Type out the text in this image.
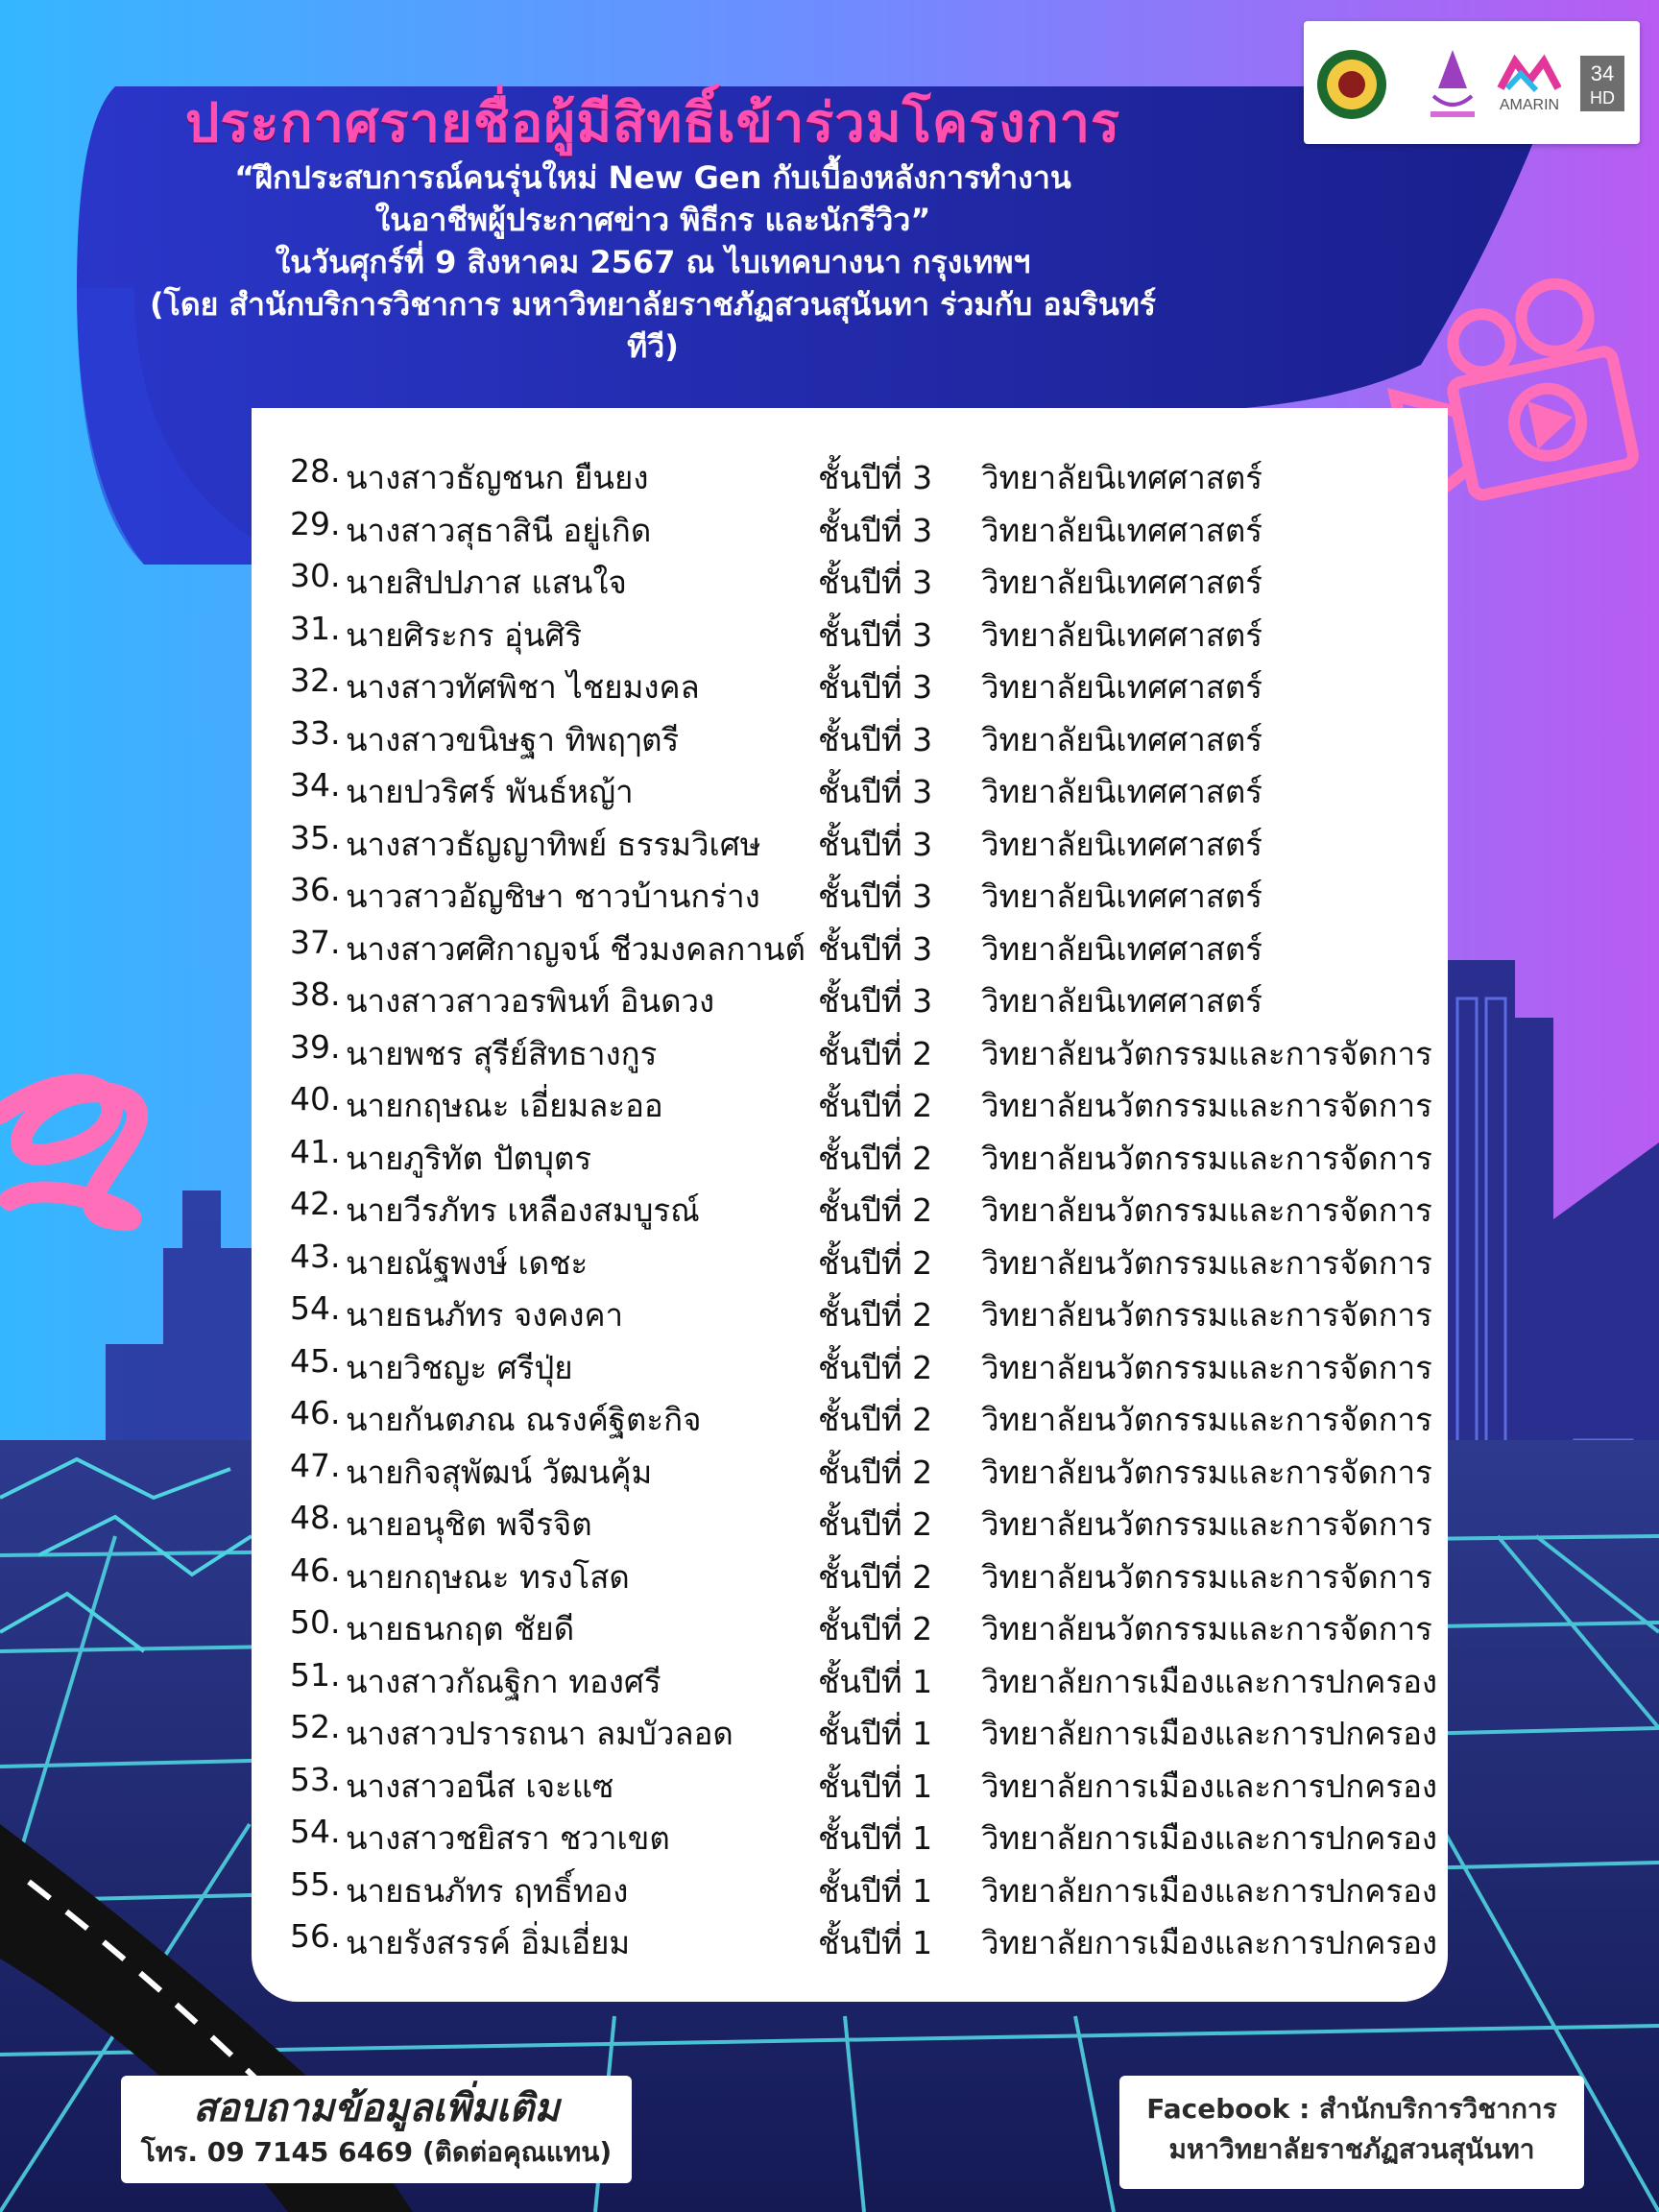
AMARIN
34
HD
ประกาศรายชื่อผู้มีสิทธิ์เข้าร่วมโครงการ
“ฝึกประสบการณ์คนรุ่นใหม่ New Gen กับเบื้องหลังการทำงาน
ในอาชีพผู้ประกาศข่าว พิธีกร และนักรีวิว”
ในวันศุกร์ที่ 9 สิงหาคม 2567 ณ ไบเทคบางนา กรุงเทพฯ
(โดย สำนักบริการวิชาการ มหาวิทยาลัยราชภัฏสวนสุนันทา ร่วมกับ อมรินทร์ทีวี)
28. นางสาวธัญชนก ยืนยง	ชั้นปีที่ 3 วิทยาลัยนิเทศศาสตร์
29. นางสาวสุธาสินี อยู่เกิด	ชั้นปีที่ 3 วิทยาลัยนิเทศศาสตร์
30. นายสิปปภาส แสนใจ	ชั้นปีที่ 3 วิทยาลัยนิเทศศาสตร์
31. นายศิระกร อุ่นศิริ	ชั้นปีที่ 3 วิทยาลัยนิเทศศาสตร์
32. นางสาวทัศพิชา ไชยมงคล	ชั้นปีที่ 3 วิทยาลัยนิเทศศาสตร์
33. นางสาวขนิษฐา ทิพฤๅตรี	ชั้นปีที่ 3 วิทยาลัยนิเทศศาสตร์
34. นายปวริศร์ พันธ์หญ้า	ชั้นปีที่ 3 วิทยาลัยนิเทศศาสตร์
35. นางสาวธัญญาทิพย์ ธรรมวิเศษ ชั้นปีที่ 3 วิทยาลัยนิเทศศาสตร์
36. นาวสาวอัญชิษา ชาวบ้านกร่าง ชั้นปีที่ 3 วิทยาลัยนิเทศศาสตร์
37. นางสาวศศิกาญจน์ ชีวมงคลกานต์ ชั้นปีที่ 3 วิทยาลัยนิเทศศาสตร์
38. นางสาวสาวอรพินท์ อินดวง	ชั้นปีที่ 3 วิทยาลัยนิเทศศาสตร์
39. นายพชร สุรีย์สิทธางกูร	ชั้นปีที่ 2 วิทยาลัยนวัตกรรมและการจัดการ
40. นายกฤษณะ เอี่ยมละออ	ชั้นปีที่ 2 วิทยาลัยนวัตกรรมและการจัดการ
41. นายภูริทัต ปัตบุตร	ชั้นปีที่ 2 วิทยาลัยนวัตกรรมและการจัดการ
42. นายวีรภัทร เหลืองสมบูรณ์	ชั้นปีที่ 2 วิทยาลัยนวัตกรรมและการจัดการ
43. นายณัฐพงษ์ เดชะ	ชั้นปีที่ 2 วิทยาลัยนวัตกรรมและการจัดการ
54. นายธนภัทร จงคงคา	ชั้นปีที่ 2 วิทยาลัยนวัตกรรมและการจัดการ
45. นายวิชญะ ศรีปุ่ย	ชั้นปีที่ 2 วิทยาลัยนวัตกรรมและการจัดการ
46. นายกันตภณ ณรงค์ฐิตะกิจ	ชั้นปีที่ 2 วิทยาลัยนวัตกรรมและการจัดการ
47. นายกิจสุพัฒน์ วัฒนคุ้ม	ชั้นปีที่ 2 วิทยาลัยนวัตกรรมและการจัดการ
48. นายอนุชิต พจีรจิต	ชั้นปีที่ 2 วิทยาลัยนวัตกรรมและการจัดการ
46. นายกฤษณะ ทรงโสด	ชั้นปีที่ 2 วิทยาลัยนวัตกรรมและการจัดการ
50. นายธนกฤต ชัยดี	ชั้นปีที่ 2 วิทยาลัยนวัตกรรมและการจัดการ
51. นางสาวกัณฐิกา ทองศรี	ชั้นปีที่ 1 วิทยาลัยการเมืองและการปกครอง
52. นางสาวปรารถนา ลมบัวลอด	ชั้นปีที่ 1 วิทยาลัยการเมืองและการปกครอง
53. นางสาวอนีส เจะแซ	ชั้นปีที่ 1 วิทยาลัยการเมืองและการปกครอง
54. นางสาวชยิสรา ชวาเขต	ชั้นปีที่ 1 วิทยาลัยการเมืองและการปกครอง
55. นายธนภัทร ฤทธิ์ทอง	ชั้นปีที่ 1 วิทยาลัยการเมืองและการปกครอง
56. นายรังสรรค์ อิ่มเอี่ยม	ชั้นปีที่ 1 วิทยาลัยการเมืองและการปกครอง
สอบถามข้อมูลเพิ่มเติม
โทร. 09 7145 6469 (ติดต่อคุณแทน)
Facebook : สำนักบริการวิชาการ
มหาวิทยาลัยราชภัฏสวนสุนันทา
